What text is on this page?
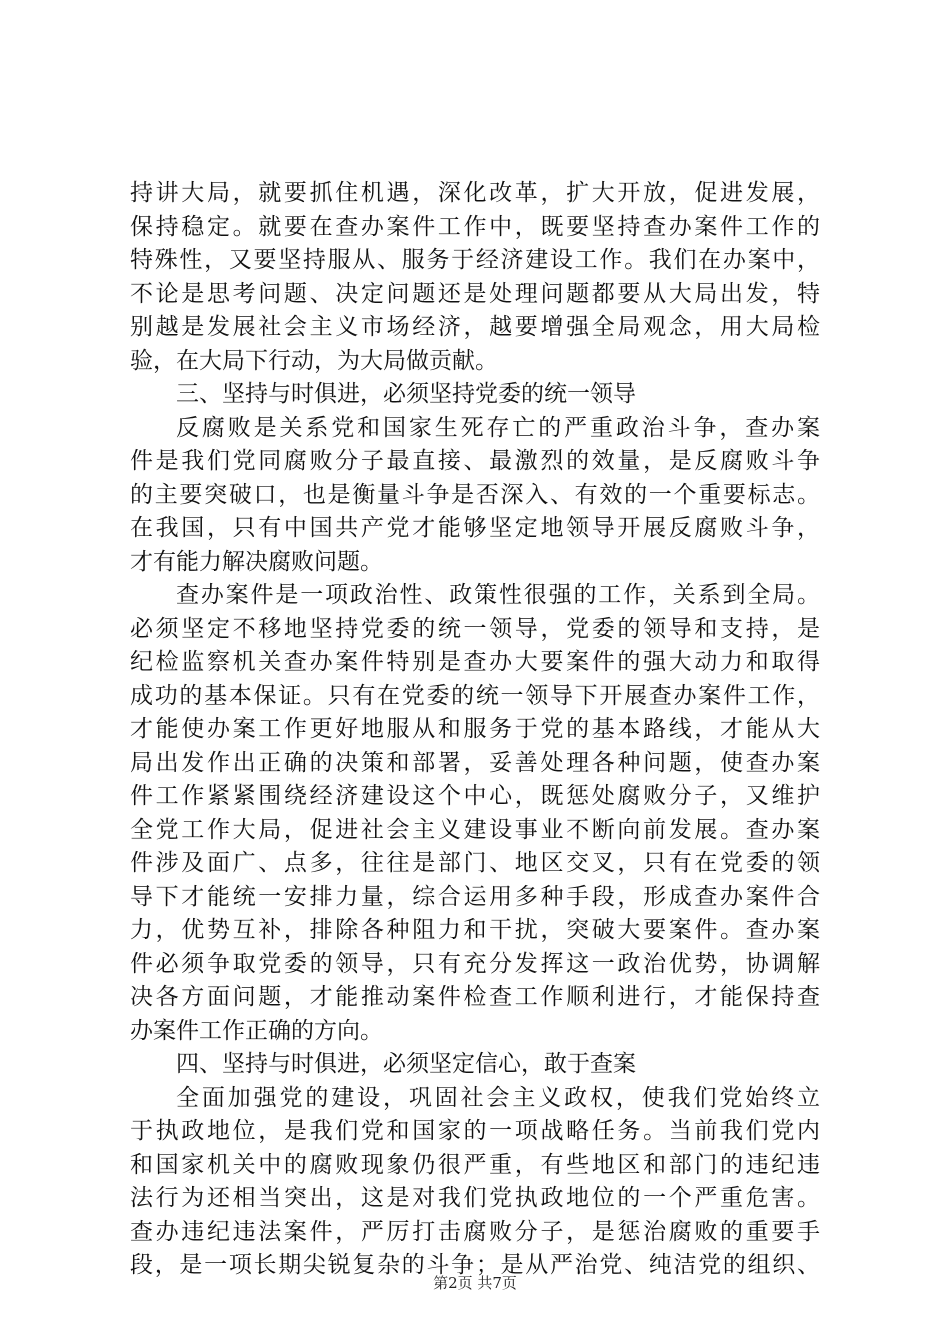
持讲大局，就要抓住机遇，深化改革，扩大开放，促进发展，
保持稳定。就要在查办案件工作中，既要坚持查办案件工作的
特殊性，又要坚持服从、服务于经济建设工作。我们在办案中，
不论是思考问题、决定问题还是处理问题都要从大局出发，特
别越是发展社会主义市场经济，越要增强全局观念，用大局检
验，在大局下行动，为大局做贡献。
三、坚持与时俱进，必须坚持党委的统一领导
反腐败是关系党和国家生死存亡的严重政治斗争，查办案
件是我们党同腐败分子最直接、最激烈的效量，是反腐败斗争
的主要突破口，也是衡量斗争是否深入、有效的一个重要标志。
在我国，只有中国共产党才能够坚定地领导开展反腐败斗争，
才有能力解决腐败问题。
查办案件是一项政治性、政策性很强的工作，关系到全局。
必须坚定不移地坚持党委的统一领导，党委的领导和支持，是
纪检监察机关查办案件特别是查办大要案件的强大动力和取得
成功的基本保证。只有在党委的统一领导下开展查办案件工作，
才能使办案工作更好地服从和服务于党的基本路线，才能从大
局出发作出正确的决策和部署，妥善处理各种问题，使查办案
件工作紧紧围绕经济建设这个中心，既惩处腐败分子，又维护
全党工作大局，促进社会主义建设事业不断向前发展。查办案
件涉及面广、点多，往往是部门、地区交叉，只有在党委的领
导下才能统一安排力量，综合运用多种手段，形成查办案件合
力，优势互补，排除各种阻力和干扰，突破大要案件。查办案
件必须争取党委的领导，只有充分发挥这一政治优势，协调解
决各方面问题，才能推动案件检查工作顺利进行，才能保持查
办案件工作正确的方向。
四、坚持与时俱进，必须坚定信心，敢于查案
全面加强党的建设，巩固社会主义政权，使我们党始终立
于执政地位，是我们党和国家的一项战略任务。当前我们党内
和国家机关中的腐败现象仍很严重，有些地区和部门的违纪违
法行为还相当突出，这是对我们党执政地位的一个严重危害。
查办违纪违法案件，严厉打击腐败分子，是惩治腐败的重要手
段，是一项长期尖锐复杂的斗争；是从严治党、纯洁党的组织、
第2页 共7页
